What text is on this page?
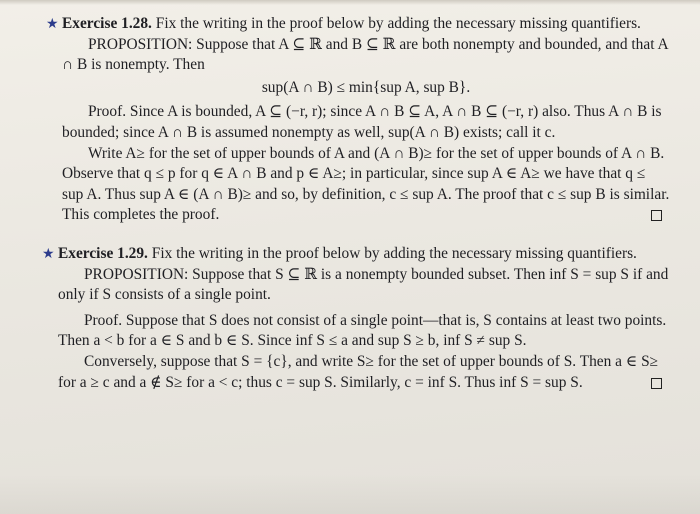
★ Exercise 1.28. Fix the writing in the proof below by adding the necessary missing quantifiers.

PROPOSITION: Suppose that A ⊆ ℝ and B ⊆ ℝ are both nonempty and bounded, and that A ∩ B is nonempty. Then

sup(A ∩ B) ≤ min{sup A, sup B}.

Proof. Since A is bounded, A ⊆ (−r, r); since A ∩ B ⊆ A, A ∩ B ⊆ (−r, r) also. Thus A ∩ B is bounded; since A ∩ B is assumed nonempty as well, sup(A ∩ B) exists; call it c.

Write A≥ for the set of upper bounds of A and (A ∩ B)≥ for the set of upper bounds of A ∩ B. Observe that q ≤ p for q ∈ A ∩ B and p ∈ A≥; in particular, since sup A ∈ A≥ we have that q ≤ sup A. Thus sup A ∈ (A ∩ B)≥ and so, by definition, c ≤ sup A. The proof that c ≤ sup B is similar. This completes the proof.

★ Exercise 1.29. Fix the writing in the proof below by adding the necessary missing quantifiers.

PROPOSITION: Suppose that S ⊆ ℝ is a nonempty bounded subset. Then inf S = sup S if and only if S consists of a single point.

Proof. Suppose that S does not consist of a single point—that is, S contains at least two points. Then a < b for a ∈ S and b ∈ S. Since inf S ≤ a and sup S ≥ b, inf S ≠ sup S.

Conversely, suppose that S = {c}, and write S≥ for the set of upper bounds of S. Then a ∈ S≥ for a ≥ c and a ∉ S≥ for a < c; thus c = sup S. Similarly, c = inf S. Thus inf S = sup S.
